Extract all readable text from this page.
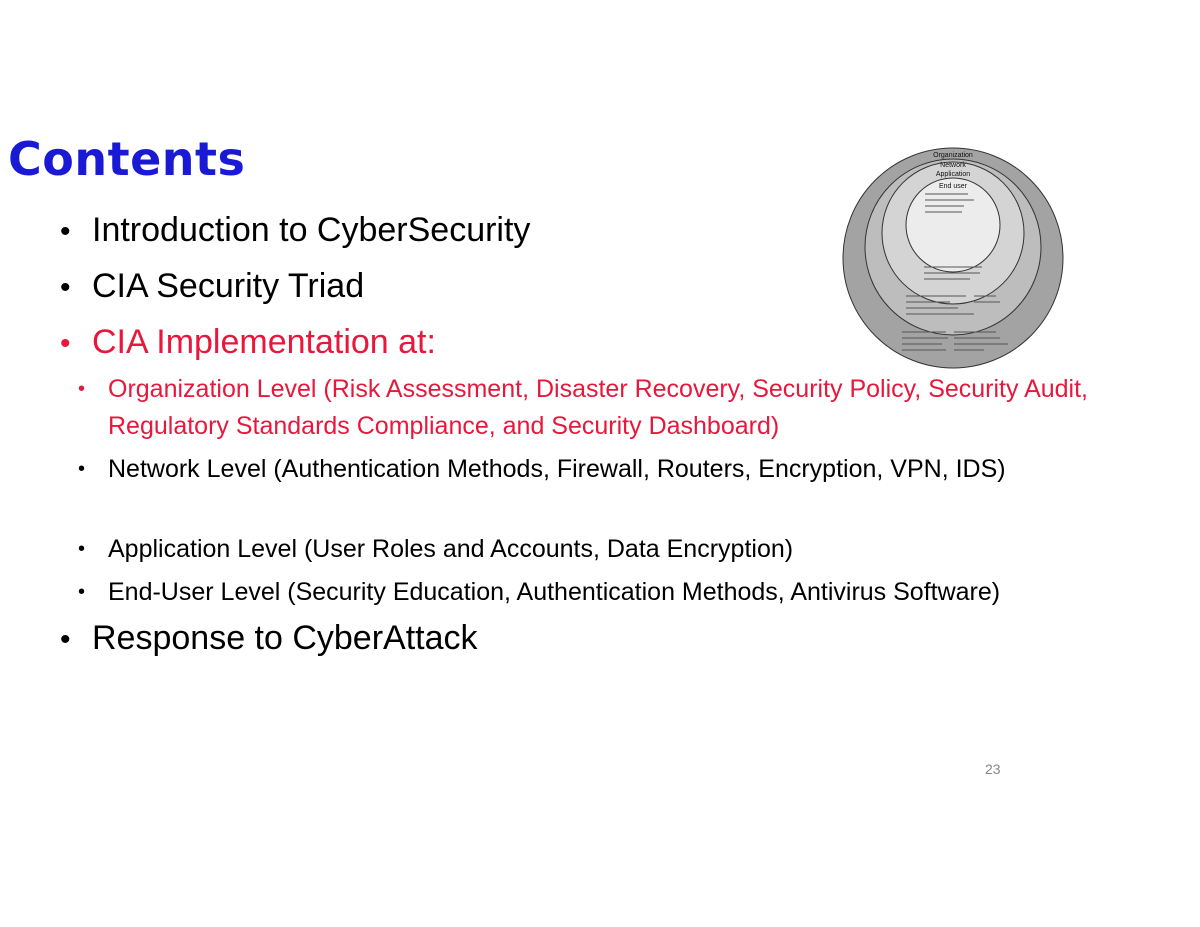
Contents
• Introduction to CyberSecurity
• CIA Security Triad
• CIA Implementation at:
• Organization Level (Risk Assessment, Disaster Recovery, Security Policy, Security Audit, Regulatory Standards Compliance, and Security Dashboard)
• Network Level (Authentication Methods, Firewall, Routers, Encryption, VPN, IDS)
• Application Level (User Roles and Accounts, Data Encryption)
• End-User Level (Security Education, Authentication Methods, Antivirus Software)
• Response to CyberAttack
Organization
Network
Application
End user
23
